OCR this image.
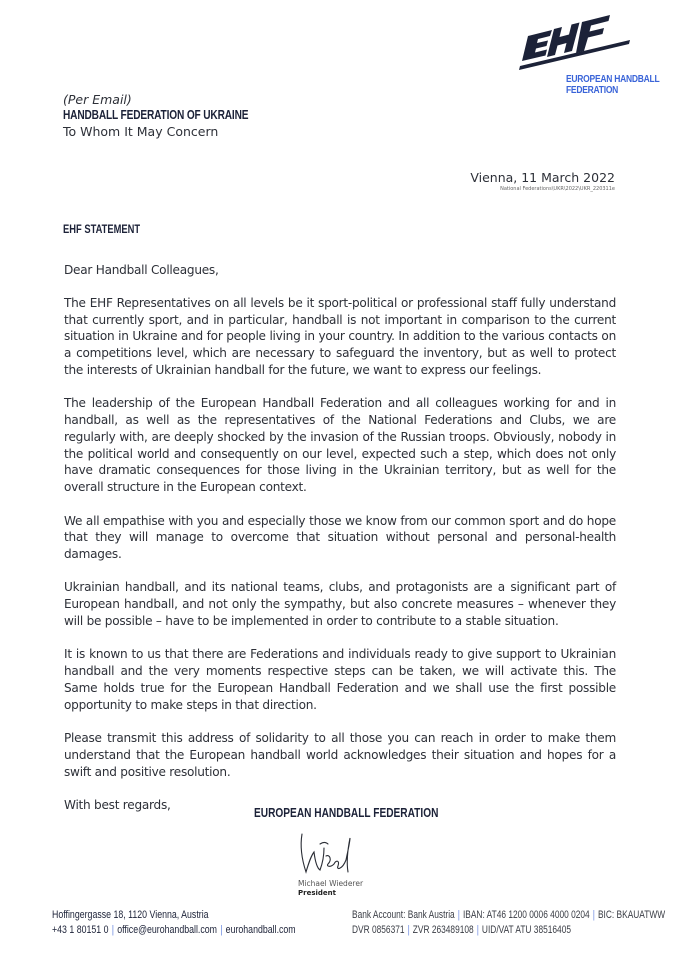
EUROPEAN HANDBALL
FEDERATION
(Per Email)
HANDBALL FEDERATION OF UKRAINE
To Whom It May Concern
Vienna, 11 March 2022
National Federations\UKR\2022\UKR_220311e
EHF STATEMENT

Dear Handball Colleagues,

The EHF Representatives on all levels be it sport-political or professional staff fully understand that currently sport, and in particular, handball is not important in comparison to the current situation in Ukraine and for people living in your country. In addition to the various contacts on a competitions level, which are necessary to safeguard the inventory, but as well to protect the interests of Ukrainian handball for the future, we want to express our feelings.

The leadership of the European Handball Federation and all colleagues working for and in handball, as well as the representatives of the National Federations and Clubs, we are regularly with, are deeply shocked by the invasion of the Russian troops. Obviously, nobody in the political world and consequently on our level, expected such a step, which does not only have dramatic consequences for those living in the Ukrainian territory, but as well for the overall structure in the European context.

We all empathise with you and especially those we know from our common sport and do hope that they will manage to overcome that situation without personal and personal-health damages.

Ukrainian handball, and its national teams, clubs, and protagonists are a significant part of European handball, and not only the sympathy, but also concrete measures – whenever they will be possible – have to be implemented in order to contribute to a stable situation.

It is known to us that there are Federations and individuals ready to give support to Ukrainian handball and the very moments respective steps can be taken, we will activate this. The Same holds true for the European Handball Federation and we shall use the first possible opportunity to make steps in that direction.

Please transmit this address of solidarity to all those you can reach in order to make them understand that the European handball world acknowledges their situation and hopes for a swift and positive resolution.

With best regards,

EUROPEAN HANDBALL FEDERATION
Michael Wiederer
President
Hoffingergasse 18, 1120 Vienna, Austria
+43 1 80151 0 | office@eurohandball.com | eurohandball.com
Bank Account: Bank Austria | IBAN: AT46 1200 0006 4000 0204 | BIC: BKAUATWW
DVR 0856371 | ZVR 263489108 | UID/VAT ATU 38516405
